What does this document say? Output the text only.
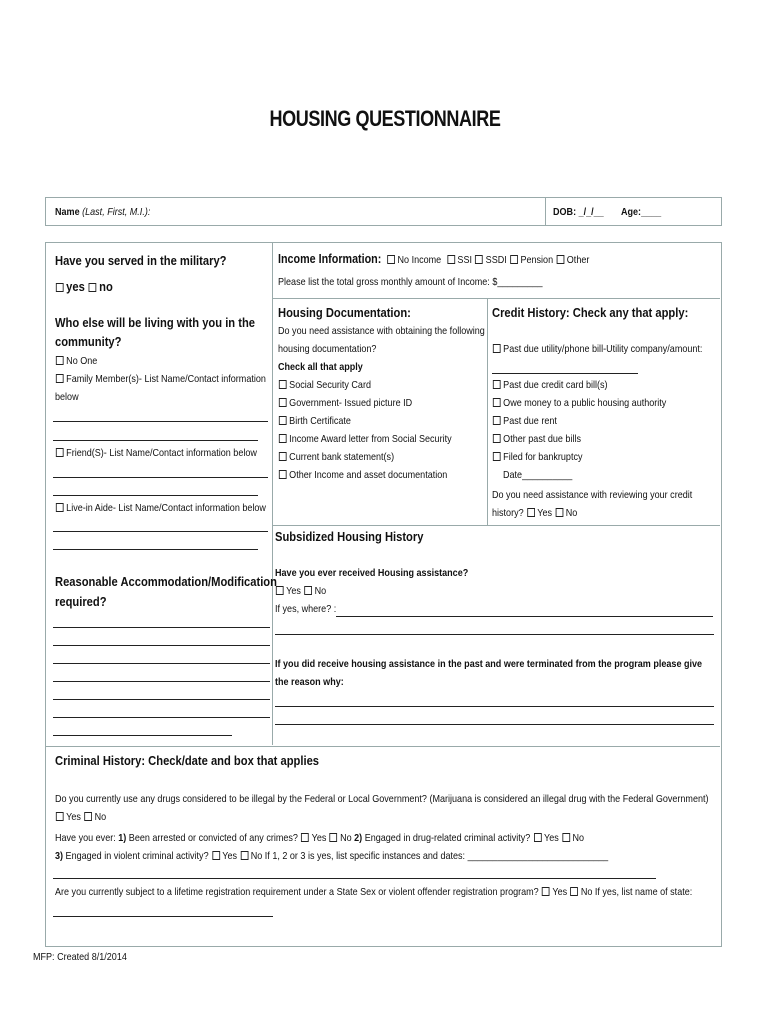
HOUSING QUESTIONNAIRE
Name (Last, First, M.I.):	DOB: _/_/__ Age:____
Have you served in the military?
yes no
Who else will be living with you in the
community?
No One
Family Member(s)- List Name/Contact information
below
Friend(S)- List Name/Contact information below
Live-in Aide- List Name/Contact information below
Reasonable Accommodation/Modification
required?
Income Information: No Income SSI SSDI Pension Other
Please list the total gross monthly amount of Income: $_________
Housing Documentation:
Do you need assistance with obtaining the following
housing documentation?
Check all that apply
Social Security Card
Government- Issued picture ID
Birth Certificate
Income Award letter from Social Security
Current bank statement(s)
Other Income and asset documentation
Credit History: Check any that apply:
Past due utility/phone bill-Utility company/amount:
Past due credit card bill(s)
Owe money to a public housing authority
Past due rent
Other past due bills
Filed for bankruptcy
Date__________
Do you need assistance with reviewing your credit
history? Yes No
Subsidized Housing History
Have you ever received Housing assistance?
Yes No
If yes, where? :
If you did receive housing assistance in the past and were terminated from the program please give
the reason why:
Criminal History: Check/date and box that applies
Do you currently use any drugs considered to be illegal by the Federal or Local Government? (Marijuana is considered an illegal drug with the Federal Government)
Yes No
Have you ever: 1) Been arrested or convicted of any crimes? Yes No 2) Engaged in drug-related criminal activity? Yes No
3) Engaged in violent criminal activity? Yes No If 1, 2 or 3 is yes, list specific instances and dates: ____________________________
Are you currently subject to a lifetime registration requirement under a State Sex or violent offender registration program? Yes No If yes, list name of state:
MFP: Created 8/1/2014
